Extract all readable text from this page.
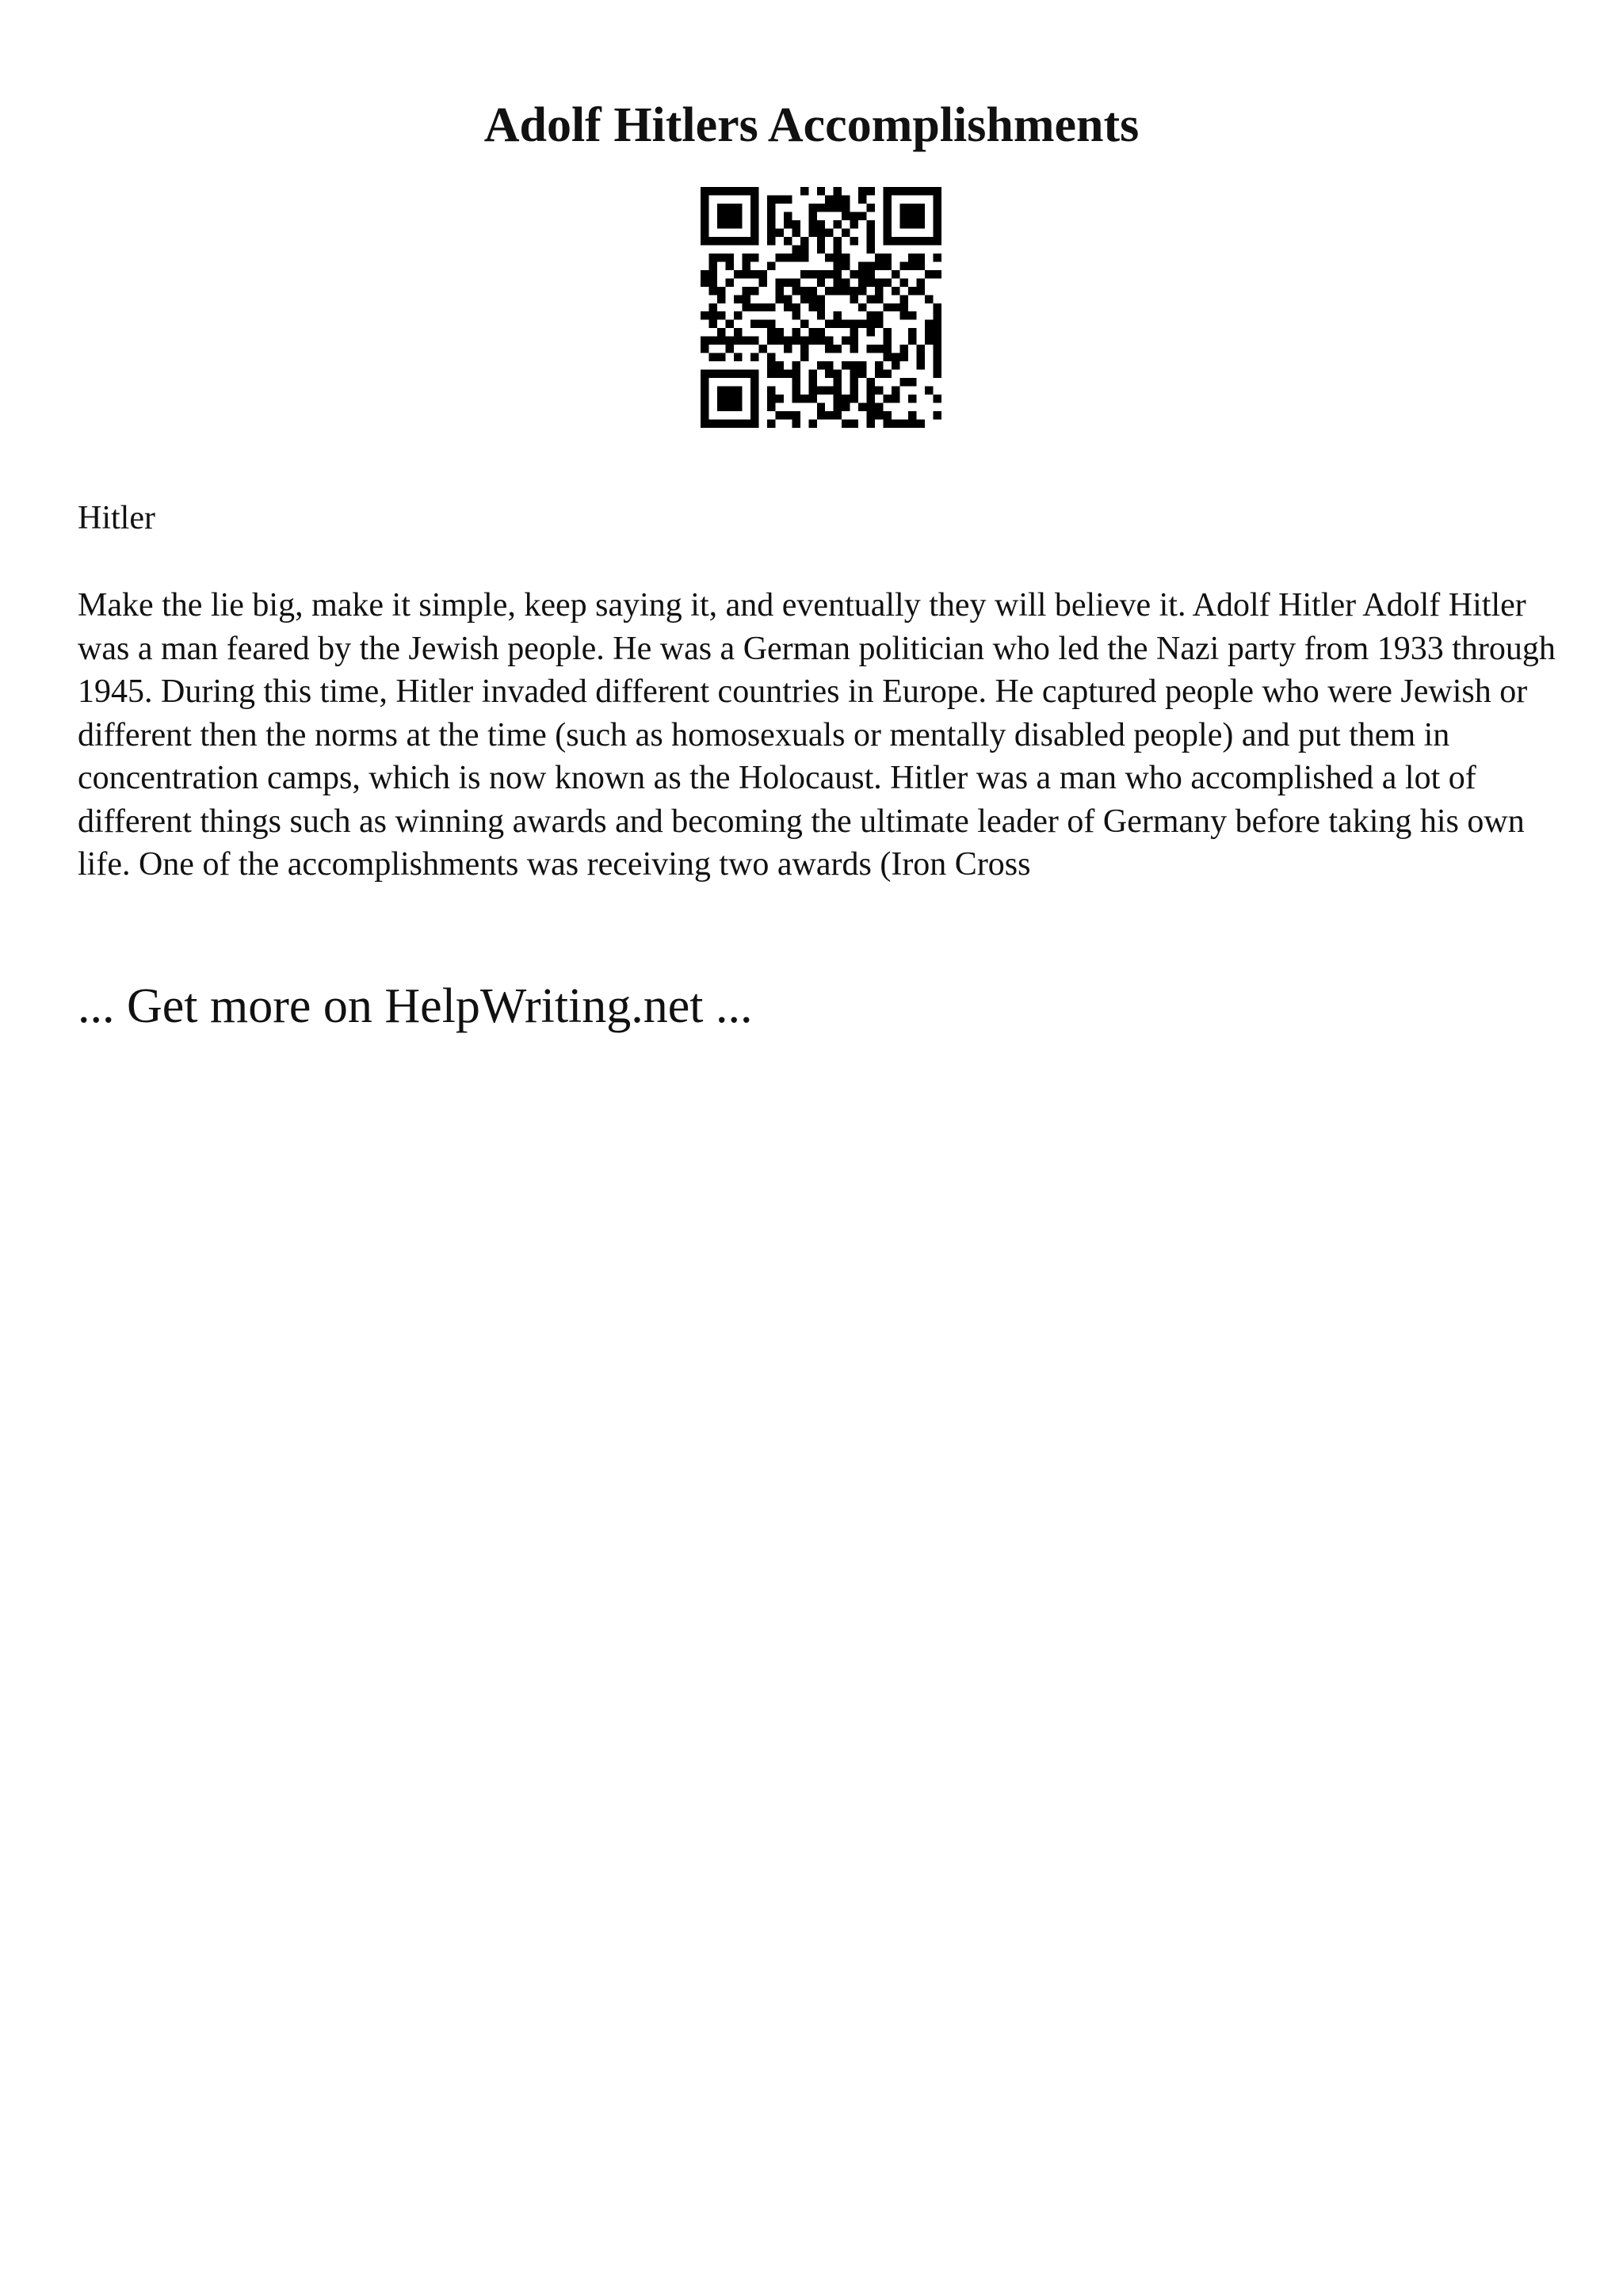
Adolf Hitlers Accomplishments

Hitler

Make the lie big, make it simple, keep saying it, and eventually they will believe it. Adolf Hitler Adolf Hitler was a man feared by the Jewish people. He was a German politician who led the Nazi party from 1933 through 1945. During this time, Hitler invaded different countries in Europe. He captured people who were Jewish or different then the norms at the time (such as homosexuals or mentally disabled people) and put them in concentration camps, which is now known as the Holocaust. Hitler was a man who accomplished a lot of different things such as winning awards and becoming the ultimate leader of Germany before taking his own life. One of the accomplishments was receiving two awards (Iron Cross

... Get more on HelpWriting.net ...
